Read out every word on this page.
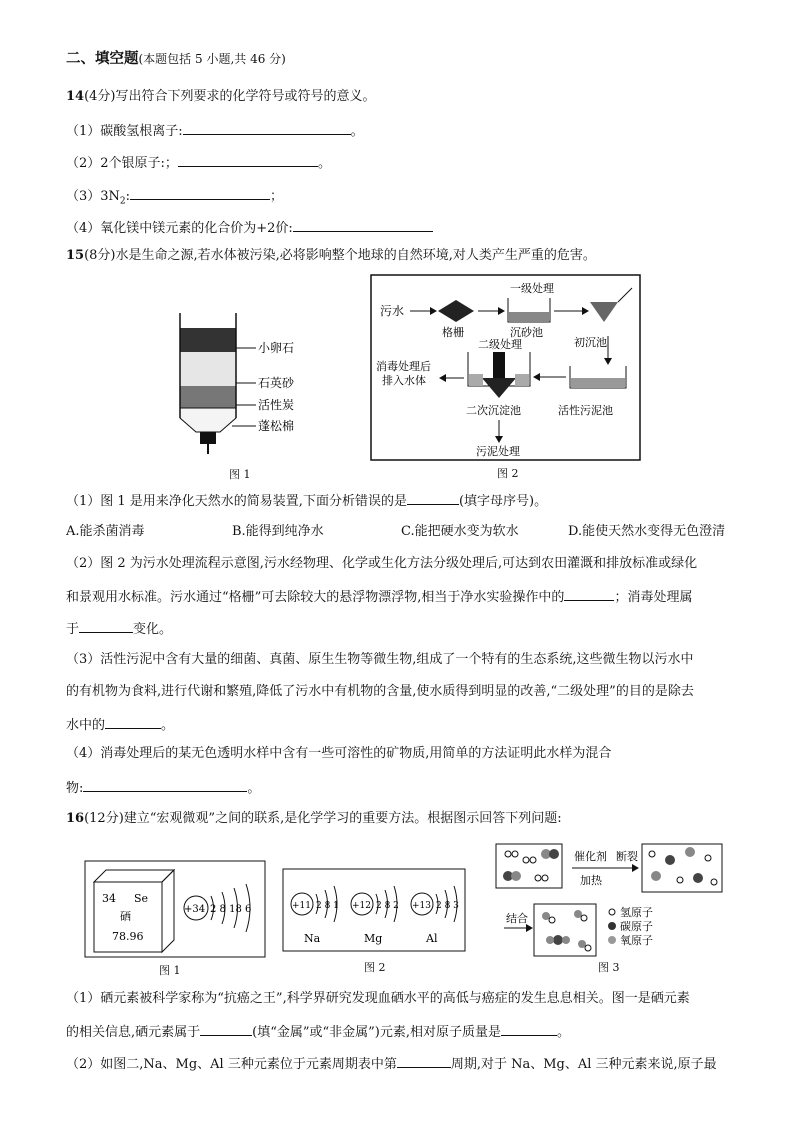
二、填空题(本题包括 5 小题,共 46 分)
14(4分)写出符合下列要求的化学符号或符号的意义。
（1）碳酸氢根离子:	。
（2）2个银原子:；	。
$(3)3N_2$:	；
（4）氧化镁中镁元素的化合价为+2价:
15(8分)水是生命之源,若水体被污染,必将影响整个地球的自然环境,对人类产生严重的危害。
小卵石
石英砂
活性炭
蓬松棉
图 1
污水
格栅
一级处理
沉砂池
初沉池
活性污泥池
二级处理
二次沉淀池
消毒处理后
排入水体
污泥处理
图 2
（1）图 1 是用来净化天然水的简易装置,下面分析错误的是	(填字母序号)。
A.能杀菌消毒	B.能得到纯净水	C.能把硬水变为软水	D.能使天然水变得无色澄清
（2）图 2 为污水处理流程示意图,污水经物理、化学或生化方法分级处理后,可达到农田灌溉和排放标准或绿化
和景观用水标准。污水通过“格栅”可去除较大的悬浮物漂浮物,相当于净水实验操作中的	；消毒处理属
于	变化。
（3）活性污泥中含有大量的细菌、真菌、原生生物等微生物,组成了一个特有的生态系统,这些微生物以污水中
的有机物为食料,进行代谢和繁殖,降低了污水中有机物的含量,使水质得到明显的改善,“二级处理”的目的是除去
水中的	。
（4）消毒处理后的某无色透明水样中含有一些可溶性的矿物质,用简单的方法证明此水样为混合
物:	。
16(12分)建立“宏观微观”之间的联系,是化学学习的重要方法。根据图示回答下列问题:
34 Se
硒
78.96
+34 2 8 18 6
图 1
+11 2 8 1
Na
+12 2 8 2
Mg
+13 2 8 3
Al
图 2
催化剂 断裂
加热
结合	氢原子
碳原子
氧原子
图 3
（1）硒元素被科学家称为“抗癌之王”,科学界研究发现血硒水平的高低与癌症的发生息息相关。图一是硒元素
的相关信息,硒元素属于	(填“金属”或“非金属”)元素,相对原子质量是	。
（2）如图二,Na、Mg、Al 三种元素位于元素周期表中第	周期,对于 Na、Mg、Al 三种元素来说,原子最
